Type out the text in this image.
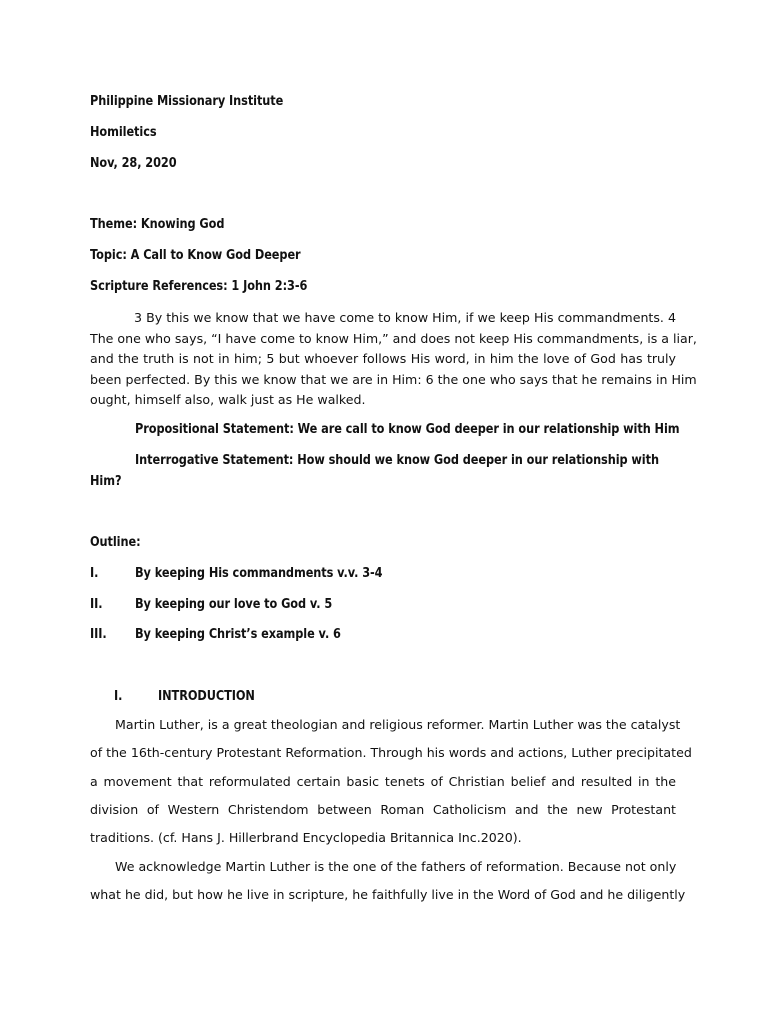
Philippine Missionary Institute
Homiletics
Nov, 28, 2020
Theme: Knowing God
Topic: A Call to Know God Deeper
Scripture References: 1 John 2:3-6
3 By this we know that we have come to know Him, if we keep His commandments. 4
The one who says, “I have come to know Him,” and does not keep His commandments, is a liar,
and the truth is not in him; 5 but whoever follows His word, in him the love of God has truly
been perfected. By this we know that we are in Him: 6 the one who says that he remains in Him
ought, himself also, walk just as He walked.
Propositional Statement: We are call to know God deeper in our relationship with Him
Interrogative Statement: How should we know God deeper in our relationship with
Him?
Outline:
I.	By keeping His commandments v.v. 3-4
II. By keeping our love to God v. 5
III. By keeping Christ’s example v. 6
I.	INTRODUCTION
Martin Luther, is a great theologian and religious reformer. Martin Luther was the catalyst
of the 16th-century Protestant Reformation. Through his words and actions, Luther precipitated
a movement that reformulated certain basic tenets of Christian belief and resulted in the
division of Western Christendom between Roman Catholicism and the new Protestant
traditions. (cf. Hans J. Hillerbrand Encyclopedia Britannica Inc.2020).
We acknowledge Martin Luther is the one of the fathers of reformation. Because not only
what he did, but how he live in scripture, he faithfully live in the Word of God and he diligently
